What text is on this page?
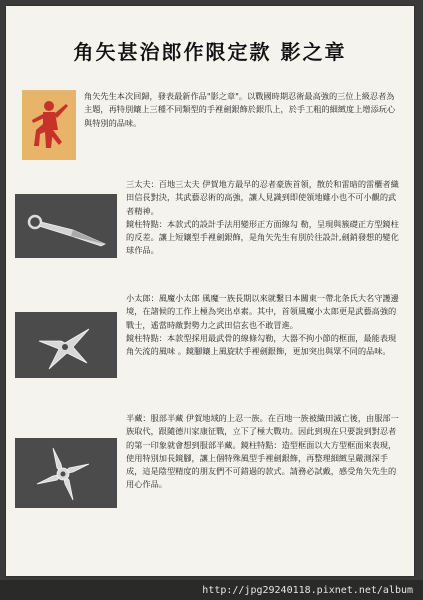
角矢甚治郎作限定款 影之章

角矢先生本次回歸，發表最新作品"影之章"。以戰國時期忍術最高強的三位上級忍者為主題，再特別鑲上三種不同類型的手裡劍銀飾於銀爪上，於手工粗的細緻度上增添玩心與特別的品味。

三太夫：百地三太夫 伊賀地方最早的忍者豪族首領，散於和雷暗的雷櫃者織田信長對決，其武藝忍術的高強，讓人見識到即使領地雖小也不可小觀的武者精神。

鏡柱特點：本款式的設計手法用變形正方面線勾 勒，呈現與簇礎正方型鏡柱的反差。讓上短鑲型手裡劍銀飾，是角矢先生有別於往設計,劍銷發想的變化球作品。

小太郎：風魔小太郎 風魔一族長期以來就繫日本關東一帶北条氏大名守護邊境，在諸候的工作上極為突出卓素。其中，首領風魔小太郎更是武藝高強的戰士，遙當時敵對勢力之武田信玄也不敢冒進。

鏡柱特點：本款型採用最武骨的線條勾勒，大器不拘小節的框面，最能表現角矢流的風味 。鏡腳鑲上風旋狀手裡劍銀飾，更加突出與眾不同的品味。

半藏：服部半藏 伊賀地域的上忍一族。在百地一族被織田滅亡後，由服部一族取代，跟隨德川家康征戰，立下了極大戰功。因此到現在只要說到對忍者的第一印象就會想到服部半藏。鏡柱特點：造型框面以大方型框面來表現，使用特別加長鏡腳，讓上個特殊風型手裡劍銀飾，再整理細緻呈嚴測深手成，這是陰型精度的朋友們不可錯過的款式。請務必試戴，感受角矢先生的用心作品。

http://jpg29240118.pixnet.net/album
